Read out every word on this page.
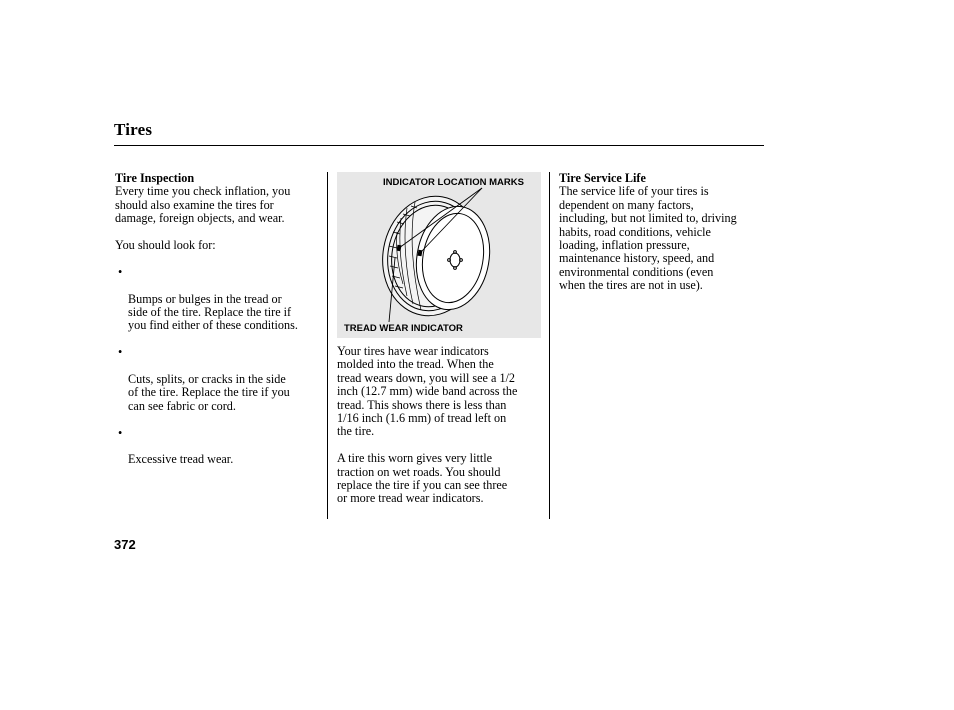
Tires

Tire Inspection

Every time you check inflation, you
should also examine the tires for
damage, foreign objects, and wear.

You should look for:

•

Bumps or bulges in the tread or
side of the tire. Replace the tire if
you find either of these conditions.

•

Cuts, splits, or cracks in the side
of the tire. Replace the tire if you
can see fabric or cord.

•

Excessive tread wear.

INDICATOR LOCATION MARKS
TREAD WEAR INDICATOR

Your tires have wear indicators
molded into the tread. When the
tread wears down, you will see a 1/2
inch (12.7 mm) wide band across the
tread. This shows there is less than
1/16 inch (1.6 mm) of tread left on
the tire.

A tire this worn gives very little
traction on wet roads. You should
replace the tire if you can see three
or more tread wear indicators.

Tire Service Life

The service life of your tires is
dependent on many factors,
including, but not limited to, driving
habits, road conditions, vehicle
loading, inflation pressure,
maintenance history, speed, and
environmental conditions (even
when the tires are not in use).

372
